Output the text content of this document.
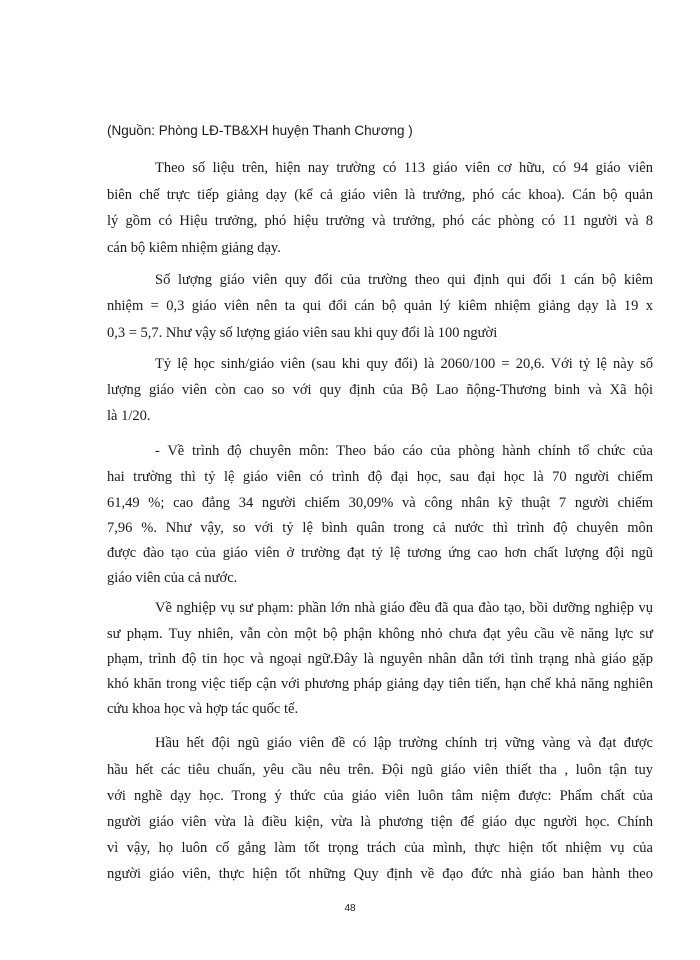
(Nguồn: Phòng LĐ-TB&XH huyện Thanh Chương )
Theo số liệu trên, hiện nay trường có 113 giáo viên cơ hữu, có 94 giáo viên
biên chế trực tiếp giảng dạy (kể cả giáo viên là trưởng, phó các khoa). Cán bộ quản
lý gồm có Hiệu trưởng, phó hiệu trưởng và trưởng, phó các phòng có 11 người và 8
cán bộ kiêm nhiệm giảng dạy.
Số lượng giáo viên quy đổi của trường theo qui định qui đổi 1 cán bộ kiêm
nhiệm = 0,3 giáo viên nên ta qui đổi cán bộ quản lý kiêm nhiệm giảng dạy là 19 x
0,3 = 5,7. Như vậy số lượng giáo viên sau khi quy đổi là 100 người
Tỷ lệ học sinh/giáo viên (sau khi quy đổi) là 2060/100 = 20,6. Với tỷ lệ này số
lượng giáo viên còn cao so với quy định của Bộ Lao ñộng-Thương binh và Xã hội
là 1/20.
- Về trình độ chuyên môn: Theo báo cáo của phòng hành chính tổ chức của
hai trường thì tỷ lệ giáo viên có trình độ đại học, sau đại học là 70 người chiếm
61,49 %; cao đẳng 34 người chiếm 30,09% và công nhân kỹ thuật 7 người chiếm
7,96 %. Như vậy, so với tỷ lệ bình quân trong cả nước thì trình độ chuyên môn
được đào tạo của giáo viên ở trường đạt tỷ lệ tương ứng cao hơn chất lượng đội ngũ
giáo viên của cả nước.
Về nghiệp vụ sư phạm: phần lớn nhà giáo đều đã qua đào tạo, bồi dưỡng nghiệp vụ
sư phạm. Tuy nhiên, vẫn còn một bộ phận không nhỏ chưa đạt yêu cầu về năng lực sư
phạm, trình độ tin học và ngoại ngữ.Đây là nguyên nhân dẫn tới tình trạng nhà giáo gặp
khó khăn trong việc tiếp cận với phương pháp giảng dạy tiên tiến, hạn chế khả năng nghiên
cứu khoa học và hợp tác quốc tế.
Hầu hết đội ngũ giáo viên đề có lập trường chính trị vững vàng và đạt được
hầu hết các tiêu chuẩn, yêu cầu nêu trên. Đội ngũ giáo viên thiết tha , luôn tận tuy
với nghề dạy học. Trong ý thức của giáo viên luôn tâm niệm được: Phẩm chất của
người giáo viên vừa là điều kiện, vừa là phương tiện để giáo dục người học. Chính
vì vậy, họ luôn cố gắng làm tốt trọng trách của mình, thực hiện tốt nhiệm vụ của
người giáo viên, thực hiện tốt những Quy định về đạo đức nhà giáo ban hành theo
48
